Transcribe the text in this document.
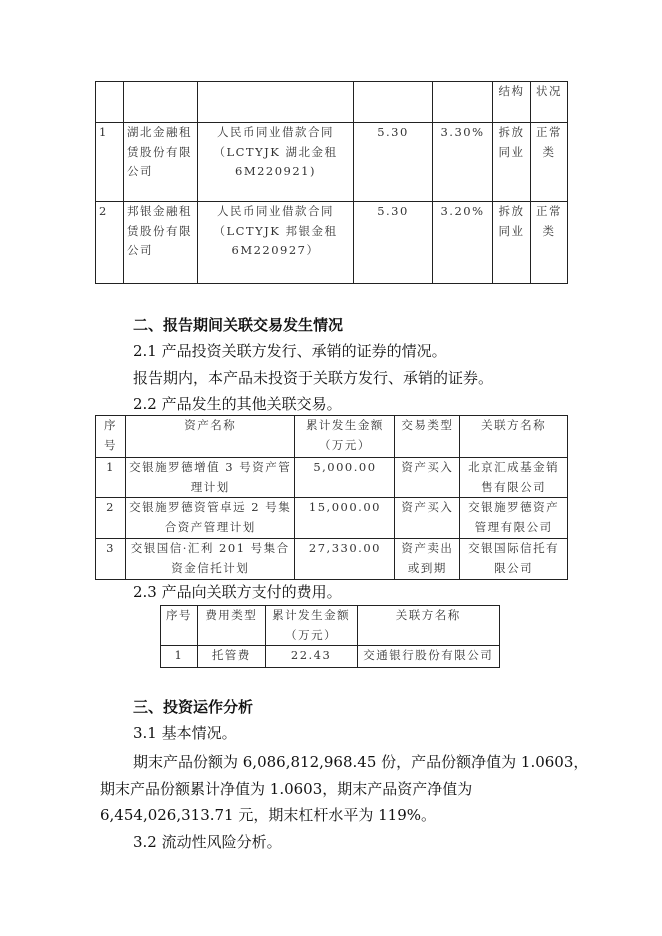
					结构	状况
1	湖北金融租赁股份有限公司	人民币同业借款合同（LCTYJK 湖北金租6M220921)	5.30	3.30%	拆放同业	正常类
2	邦银金融租赁股份有限公司	人民币同业借款合同（LCTYJK 邦银金租6M220927）	5.30	3.20%	拆放同业	正常类
二、报告期间关联交易发生情况
2.1 产品投资关联方发行、承销的证券的情况。
报告期内，本产品未投资于关联方发行、承销的证券。
2.2 产品发生的其他关联交易。
序号	资产名称	累计发生金额（万元）	交易类型	关联方名称
1	交银施罗德增值 3 号资产管理计划	5,000.00	资产买入	北京汇成基金销售有限公司
2	交银施罗德资管卓远 2 号集合资产管理计划	15,000.00	资产买入	交银施罗德资产管理有限公司
3	交银国信·汇利 201 号集合资金信托计划	27,330.00	资产卖出或到期	交银国际信托有限公司
2.3 产品向关联方支付的费用。
序号	费用类型	累计发生金额（万元）	关联方名称
1	托管费	22.43	交通银行股份有限公司
三、投资运作分析
3.1 基本情况。
期末产品份额为 6,086,812,968.45 份，产品份额净值为 1.0603，
期末产品份额累计净值为 1.0603，期末产品资产净值为
6,454,026,313.71 元，期末杠杆水平为 119%。
3.2 流动性风险分析。
